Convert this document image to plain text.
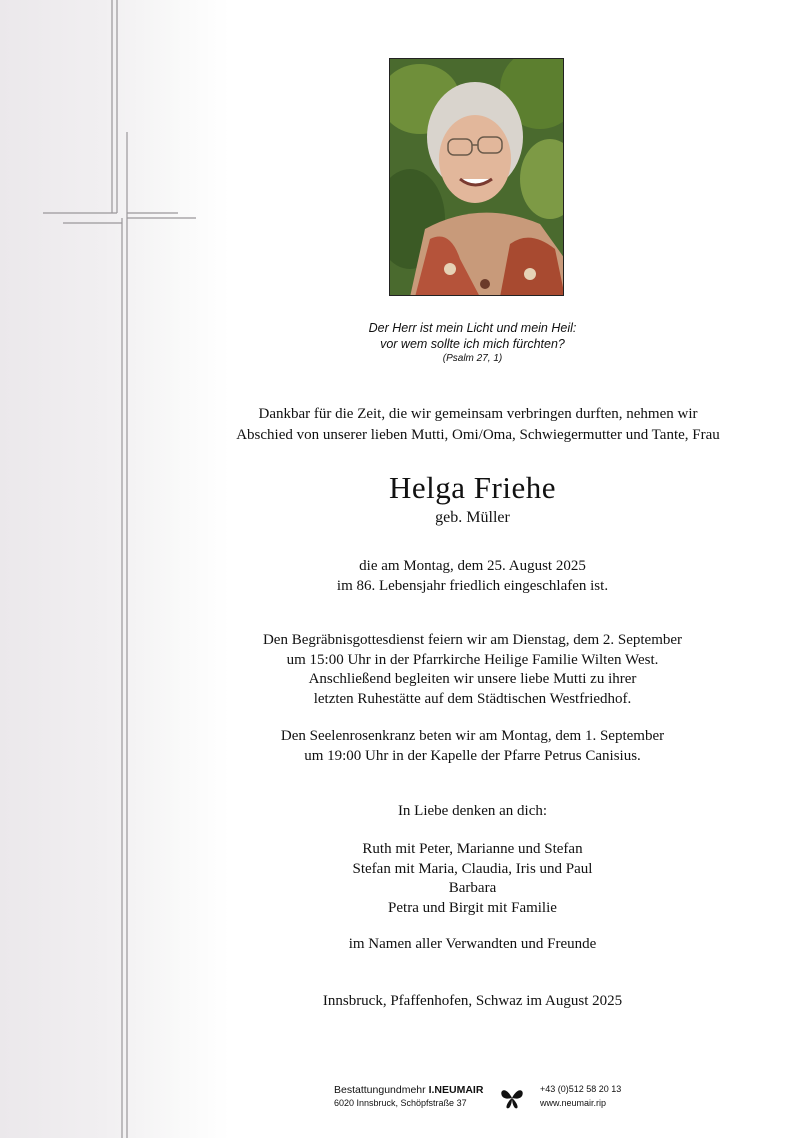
Der Herr ist mein Licht und mein Heil:
vor wem sollte ich mich fürchten?
(Psalm 27, 1)
Dankbar für die Zeit, die wir gemeinsam verbringen durften, nehmen wir
Abschied von unserer lieben Mutti, Omi/Oma, Schwiegermutter und Tante, Frau
Helga Friehe
geb. Müller
die am Montag, dem 25. August 2025
im 86. Lebensjahr friedlich eingeschlafen ist.
Den Begräbnisgottesdienst feiern wir am Dienstag, dem 2. September
um 15:00 Uhr in der Pfarrkirche Heilige Familie Wilten West.
Anschließend begleiten wir unsere liebe Mutti zu ihrer
letzten Ruhestätte auf dem Städtischen Westfriedhof.
Den Seelenrosenkranz beten wir am Montag, dem 1. September
um 19:00 Uhr in der Kapelle der Pfarre Petrus Canisius.
In Liebe denken an dich:
Ruth mit Peter, Marianne und Stefan
Stefan mit Maria, Claudia, Iris und Paul
Barbara
Petra und Birgit mit Familie
im Namen aller Verwandten und Freunde
Innsbruck, Pfaffenhofen, Schwaz im August 2025
Bestattungundmehr I.NEUMAIR
6020 Innsbruck, Schöpfstraße 37
+43 (0)512 58 20 13
www.neumair.rip
